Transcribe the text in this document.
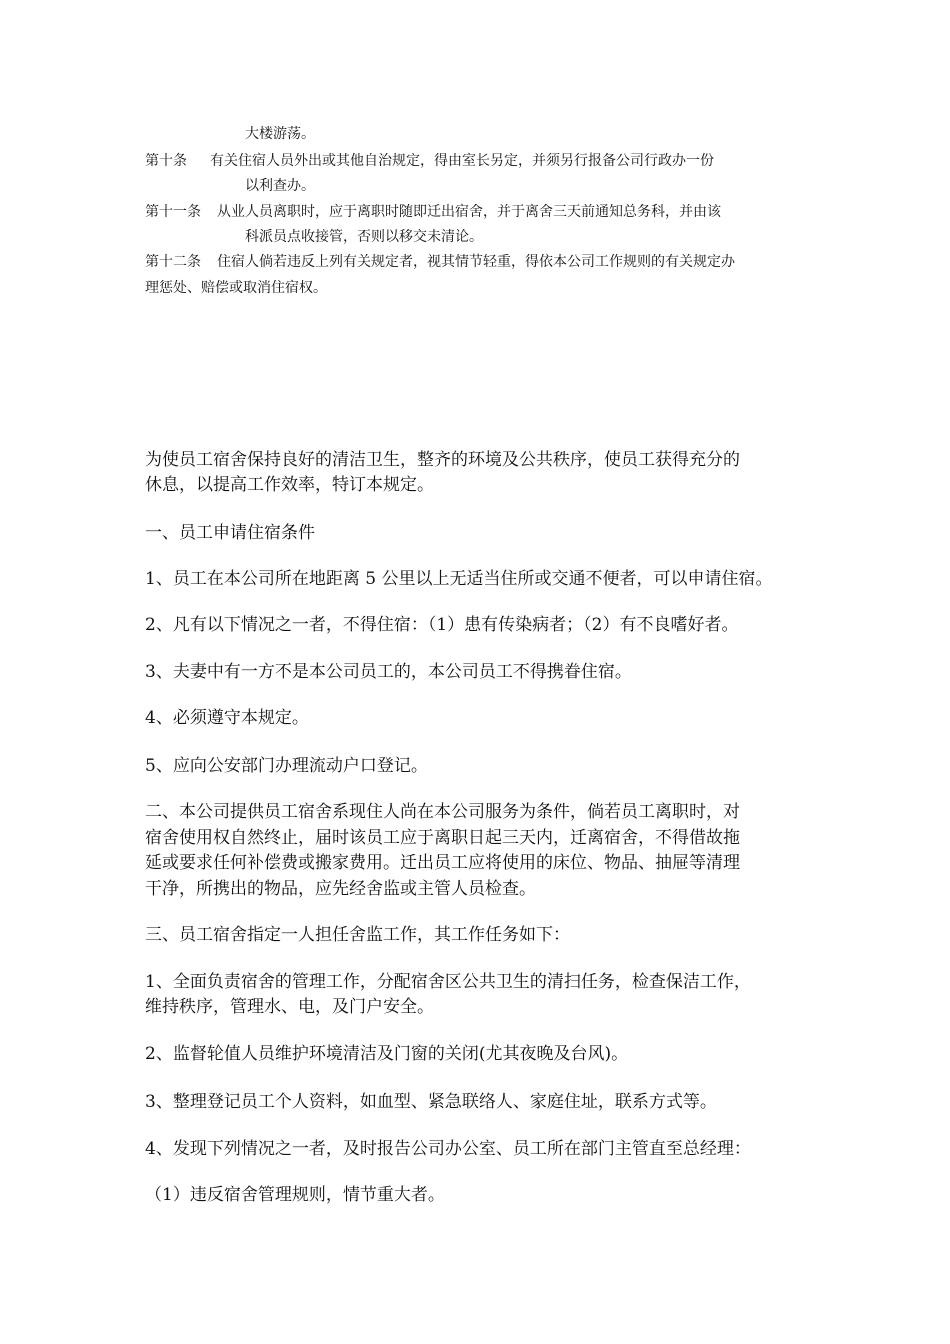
大楼游荡。
第十条 有关住宿人员外出或其他自治规定，得由室长另定，并须另行报备公司行政办一份
以利查办。
第十一条 从业人员离职时，应于离职时随即迁出宿舍，并于离舍三天前通知总务科，并由该
科派员点收接管，否则以移交未清论。
第十二条 住宿人倘若违反上列有关规定者，视其情节轻重，得依本公司工作规则的有关规定办
理惩处、赔偿或取消住宿权。
为使员工宿舍保持良好的清洁卫生，整齐的环境及公共秩序，使员工获得充分的
休息，以提高工作效率，特订本规定。
一、员工申请住宿条件
1、员工在本公司所在地距离 5 公里以上无适当住所或交通不便者，可以申请住宿。
2、凡有以下情况之一者，不得住宿：（1）患有传染病者；（2）有不良嗜好者。
3、夫妻中有一方不是本公司员工的，本公司员工不得携眷住宿。
4、必须遵守本规定。
5、应向公安部门办理流动户口登记。
二、本公司提供员工宿舍系现住人尚在本公司服务为条件，倘若员工离职时，对
宿舍使用权自然终止，届时该员工应于离职日起三天内，迁离宿舍，不得借故拖
延或要求任何补偿费或搬家费用。迁出员工应将使用的床位、物品、抽屉等清理
干净，所携出的物品，应先经舍监或主管人员检查。
三、员工宿舍指定一人担任舍监工作，其工作任务如下：
1、全面负责宿舍的管理工作，分配宿舍区公共卫生的清扫任务，检查保洁工作，
维持秩序，管理水、电，及门户安全。
2、监督轮值人员维护环境清洁及门窗的关闭(尤其夜晚及台风)。
3、整理登记员工个人资料，如血型、紧急联络人、家庭住址，联系方式等。
4、发现下列情况之一者，及时报告公司办公室、员工所在部门主管直至总经理：
（1）违反宿舍管理规则，情节重大者。
